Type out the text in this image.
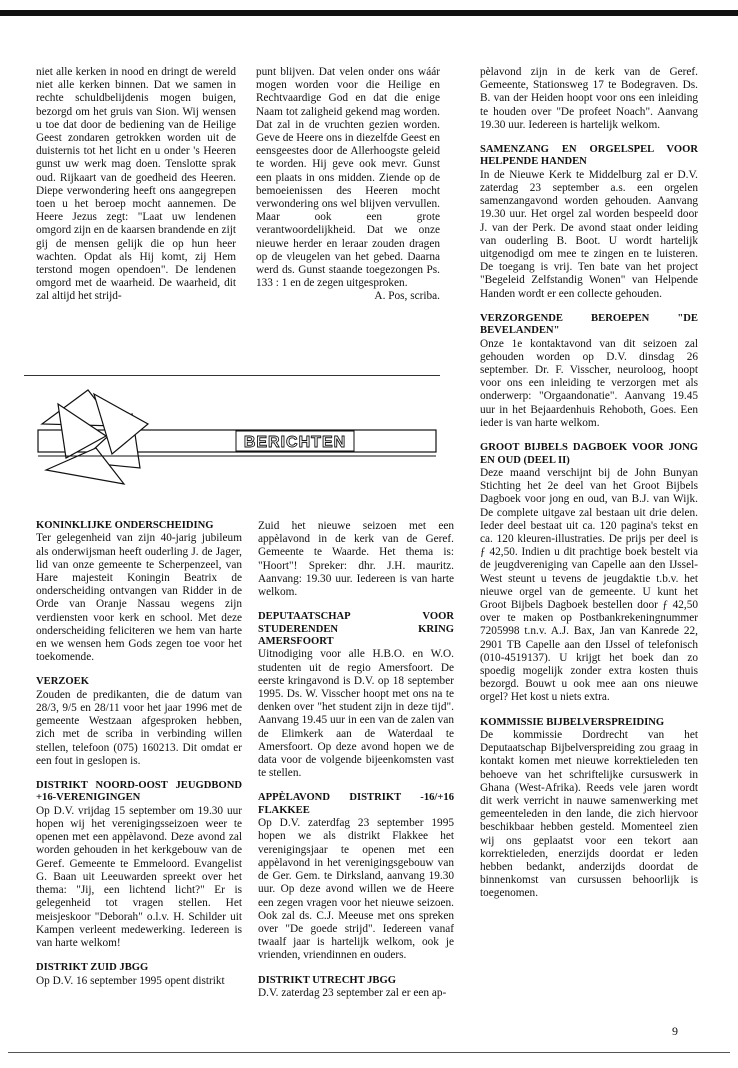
niet alle kerken in nood en dringt de wereld niet alle kerken binnen. Dat we samen in rechte schuldbelijdenis mogen buigen, bezorgd om het gruis van Sion. Wij wensen u toe dat door de bediening van de Heilige Geest zondaren getrokken worden uit de duisternis tot het licht en u onder 's Heeren gunst uw werk mag doen. Tenslotte sprak oud. Rijkaart van de goedheid des Heeren. Diepe verwondering heeft ons aangegrepen toen u het beroep mocht aannemen. De Heere Jezus zegt: "Laat uw lendenen omgord zijn en de kaarsen brandende en zijt gij de mensen gelijk die op hun heer wachten. Opdat als Hij komt, zij Hem terstond mogen opendoen". De lendenen omgord met de waarheid. De waarheid, dit zal altijd het strijd-

punt blijven. Dat velen onder ons wáár mogen worden voor die Heilige en Rechtvaardige God en dat die enige Naam tot zaligheid gekend mag worden. Dat zal in de vruchten gezien worden. Geve de Heere ons in diezelfde Geest en eensgeestes door de Allerhoogste geleid te worden. Hij geve ook mevr. Gunst een plaats in ons midden. Ziende op de bemoeienissen des Heeren mocht verwondering ons wel blijven vervullen. Maar ook een grote verantwoordelijkheid. Dat we onze nieuwe herder en leraar zouden dragen op de vleugelen van het gebed. Daarna werd ds. Gunst staande toegezongen Ps. 133 : 1 en de zegen uitgesproken.

A. Pos, scriba.

BERICHTEN

KONINKLIJKE ONDERSCHEIDING

Ter gelegenheid van zijn 40-jarig jubileum als onderwijsman heeft ouderling J. de Jager, lid van onze gemeente te Scherpenzeel, van Hare majesteit Koningin Beatrix de onderscheiding ontvangen van Ridder in de Orde van Oranje Nassau wegens zijn verdiensten voor kerk en school. Met deze onderscheiding feliciteren we hem van harte en we wensen hem Gods zegen toe voor het toekomende.

VERZOEK

Zouden de predikanten, die de datum van 28/3, 9/5 en 28/11 voor het jaar 1996 met de gemeente Westzaan afgesproken hebben, zich met de scriba in verbinding willen stellen, telefoon (075) 160213. Dit omdat er een fout in geslopen is.

DISTRIKT NOORD-OOST JEUGDBOND +16-VERENIGINGEN

Op D.V. vrijdag 15 september om 19.30 uur hopen wij het verenigingsseizoen weer te openen met een appèlavond. Deze avond zal worden gehouden in het kerkgebouw van de Geref. Gemeente te Emmeloord. Evangelist G. Baan uit Leeuwarden spreekt over het thema: "Jij, een lichtend licht?" Er is gelegenheid tot vragen stellen. Het meisjeskoor "Deborah" o.l.v. H. Schilder uit Kampen verleent medewerking. Iedereen is van harte welkom!

DISTRIKT ZUID JBGG

Op D.V. 16 september 1995 opent distrikt

Zuid het nieuwe seizoen met een appèlavond in de kerk van de Geref. Gemeente te Waarde. Het thema is: "Hoort"! Spreker: dhr. J.H. mauritz. Aanvang: 19.30 uur. Iedereen is van harte welkom.

DEPUTAATSCHAP VOOR STUDERENDEN KRING AMERSFOORT

Uitnodiging voor alle H.B.O. en W.O. studenten uit de regio Amersfoort. De eerste kringavond is D.V. op 18 september 1995. Ds. W. Visscher hoopt met ons na te denken over "het student zijn in deze tijd". Aanvang 19.45 uur in een van de zalen van de Elimkerk aan de Waterdaal te Amersfoort. Op deze avond hopen we de data voor de volgende bijeenkomsten vast te stellen.

APPÈLAVOND DISTRIKT -16/+16 FLAKKEE

Op D.V. zaterdfag 23 september 1995 hopen we als distrikt Flakkee het verenigingsjaar te openen met een appèlavond in het verenigingsgebouw van de Ger. Gem. te Dirksland, aanvang 19.30 uur. Op deze avond willen we de Heere een zegen vragen voor het nieuwe seizoen. Ook zal ds. C.J. Meeuse met ons spreken over "De goede strijd". Iedereen vanaf twaalf jaar is hartelijk welkom, ook je vrienden, vriendinnen en ouders.

DISTRIKT UTRECHT JBGG

D.V. zaterdag 23 september zal er een ap-

pèlavond zijn in de kerk van de Geref. Gemeente, Stationsweg 17 te Bodegraven. Ds. B. van der Heiden hoopt voor ons een inleiding te houden over "De profeet Noach". Aanvang 19.30 uur. Iedereen is hartelijk welkom.

SAMENZANG EN ORGELSPEL VOOR HELPENDE HANDEN

In de Nieuwe Kerk te Middelburg zal er D.V. zaterdag 23 september a.s. een orgelen samenzangavond worden gehouden. Aanvang 19.30 uur. Het orgel zal worden bespeeld door J. van der Perk. De avond staat onder leiding van ouderling B. Boot. U wordt hartelijk uitgenodigd om mee te zingen en te luisteren. De toegang is vrij. Ten bate van het project "Begeleid Zelfstandig Wonen" van Helpende Handen wordt er een collecte gehouden.

VERZORGENDE BEROEPEN "DE BEVELANDEN"

Onze 1e kontaktavond van dit seizoen zal gehouden worden op D.V. dinsdag 26 september. Dr. F. Visscher, neuroloog, hoopt voor ons een inleiding te verzorgen met als onderwerp: "Orgaandonatie". Aanvang 19.45 uur in het Bejaardenhuis Rehoboth, Goes. Een ieder is van harte welkom.

GROOT BIJBELS DAGBOEK VOOR JONG EN OUD (DEEL II)

Deze maand verschijnt bij de John Bunyan Stichting het 2e deel van het Groot Bijbels Dagboek voor jong en oud, van B.J. van Wijk. De complete uitgave zal bestaan uit drie delen. Ieder deel bestaat uit ca. 120 pagina's tekst en ca. 120 kleuren-illustraties. De prijs per deel is ƒ 42,50. Indien u dit prachtige boek bestelt via de jeugdvereniging van Capelle aan den IJssel-West steunt u tevens de jeugdaktie t.b.v. het nieuwe orgel van de gemeente. U kunt het Groot Bijbels Dagboek bestellen door ƒ 42,50 over te maken op Postbankrekeningnummer 7205998 t.n.v. A.J. Bax, Jan van Kanrede 22, 2901 TB Capelle aan den IJssel of telefonisch (010-4519137). U krijgt het boek dan zo spoedig mogelijk zonder extra kosten thuis bezorgd. Bouwt u ook mee aan ons nieuwe orgel? Het kost u niets extra.

KOMMISSIE BIJBELVERSPREIDING

De kommissie Dordrecht van het Deputaatschap Bijbelverspreiding zou graag in kontakt komen met nieuwe korrektieleden ten behoeve van het schriftelijke cursuswerk in Ghana (West-Afrika). Reeds vele jaren wordt dit werk verricht in nauwe samenwerking met gemeenteleden in den lande, die zich hiervoor beschikbaar hebben gesteld. Momenteel zien wij ons geplaatst voor een tekort aan korrektieleden, enerzijds doordat er leden hebben bedankt, anderzijds doordat de binnenkomst van cursussen behoorlijk is toegenomen.

9
